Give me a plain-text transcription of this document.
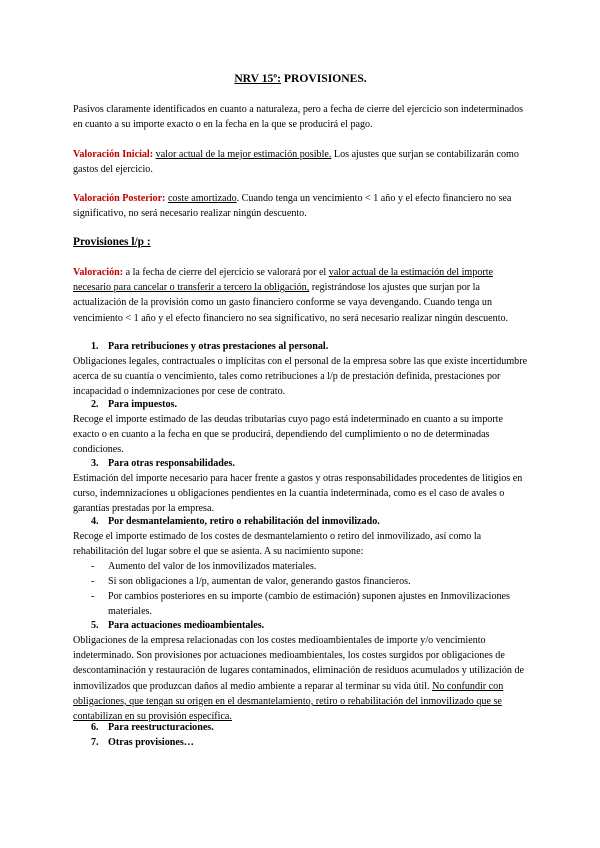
NRV 15º: PROVISIONES.
Pasivos claramente identificados en cuanto a naturaleza, pero a fecha de cierre del ejercicio son indeterminados en cuanto a su importe exacto o en la fecha en la que se producirá el pago.
Valoración Inicial: valor actual de la mejor estimación posible. Los ajustes que surjan se contabilizarán como gastos del ejercicio.
Valoración Posterior: coste amortizado. Cuando tenga un vencimiento < 1 año y el efecto financiero no sea significativo, no será necesario realizar ningún descuento.
Provisiones l/p :
Valoración: a la fecha de cierre del ejercicio se valorará por el valor actual de la estimación del importe necesario para cancelar o transferir a tercero la obligación, registrándose los ajustes que surjan por la actualización de la provisión como un gasto financiero conforme se vaya devengando. Cuando tenga un vencimiento < 1 año y el efecto financiero no sea significativo, no será necesario realizar ningún descuento.
1. Para retribuciones y otras prestaciones al personal.
Obligaciones legales, contractuales o implícitas con el personal de la empresa sobre las que existe incertidumbre acerca de su cuantía o vencimiento, tales como retribuciones a l/p de prestación definida, prestaciones por incapacidad o indemnizaciones por cese de contrato.
2. Para impuestos.
Recoge el importe estimado de las deudas tributarias cuyo pago está indeterminado en cuanto a su importe exacto o en cuanto a la fecha en que se producirá, dependiendo del cumplimiento o no de determinadas condiciones.
3. Para otras responsabilidades.
Estimación del importe necesario para hacer frente a gastos y otras responsabilidades procedentes de litigios en curso, indemnizaciones u obligaciones pendientes en la cuantía indeterminada, como es el caso de avales o garantías prestadas por la empresa.
4. Por desmantelamiento, retiro o rehabilitación del inmovilizado.
Recoge el importe estimado de los costes de desmantelamiento o retiro del inmovilizado, así como la rehabilitación del lugar sobre el que se asienta. A su nacimiento supone:
- Aumento del valor de los inmovilizados materiales.
- Si son obligaciones a l/p, aumentan de valor, generando gastos financieros.
- Por cambios posteriores en su importe (cambio de estimación) suponen ajustes en Inmovilizaciones materiales.
5. Para actuaciones medioambientales.
Obligaciones de la empresa relacionadas con los costes medioambientales de importe y/o vencimiento indeterminado. Son provisiones por actuaciones medioambientales, los costes surgidos por obligaciones de descontaminación y restauración de lugares contaminados, eliminación de residuos acumulados y utilización de inmovilizados que produzcan daños al medio ambiente a reparar al terminar su vida útil. No confundir con obligaciones, que tengan su origen en el desmantelamiento, retiro o rehabilitación del inmovilizado que se contabilizan en su provisión específica.
6. Para reestructuraciones.
7. Otras provisiones…
